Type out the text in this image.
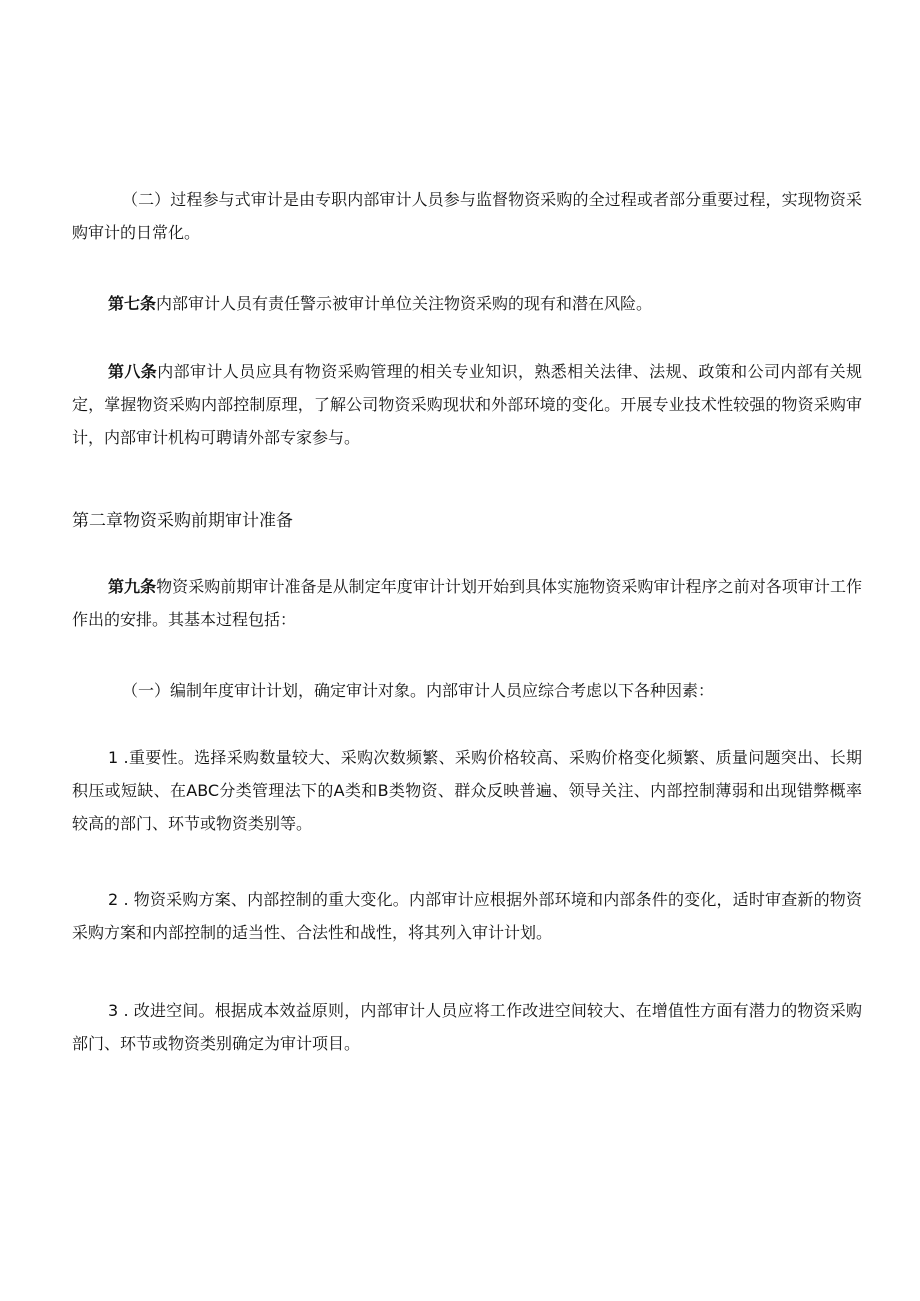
（二）过程参与式审计是由专职内部审计人员参与监督物资采购的全过程或者部分重要过程，实现物资采购审计的日常化。

第七条内部审计人员有责任警示被审计单位关注物资采购的现有和潜在风险。

第八条内部审计人员应具有物资采购管理的相关专业知识，熟悉相关法律、法规、政策和公司内部有关规定，掌握物资采购内部控制原理，了解公司物资采购现状和外部环境的变化。开展专业技术性较强的物资采购审计，内部审计机构可聘请外部专家参与。

第二章物资采购前期审计准备

第九条物资采购前期审计准备是从制定年度审计计划开始到具体实施物资采购审计程序之前对各项审计工作作出的安排。其基本过程包括：

（一）编制年度审计计划，确定审计对象。内部审计人员应综合考虑以下各种因素：

1 .重要性。选择采购数量较大、采购次数频繁、采购价格较高、采购价格变化频繁、质量问题突出、长期积压或短缺、在ABC分类管理法下的A类和B类物资、群众反映普遍、领导关注、内部控制薄弱和出现错弊概率较高的部门、环节或物资类别等。

2 . 物资采购方案、内部控制的重大变化。内部审计应根据外部环境和内部条件的变化，适时审查新的物资采购方案和内部控制的适当性、合法性和战性，将其列入审计计划。

3 . 改进空间。根据成本效益原则，内部审计人员应将工作改进空间较大、在增值性方面有潜力的物资采购部门、环节或物资类别确定为审计项目。
